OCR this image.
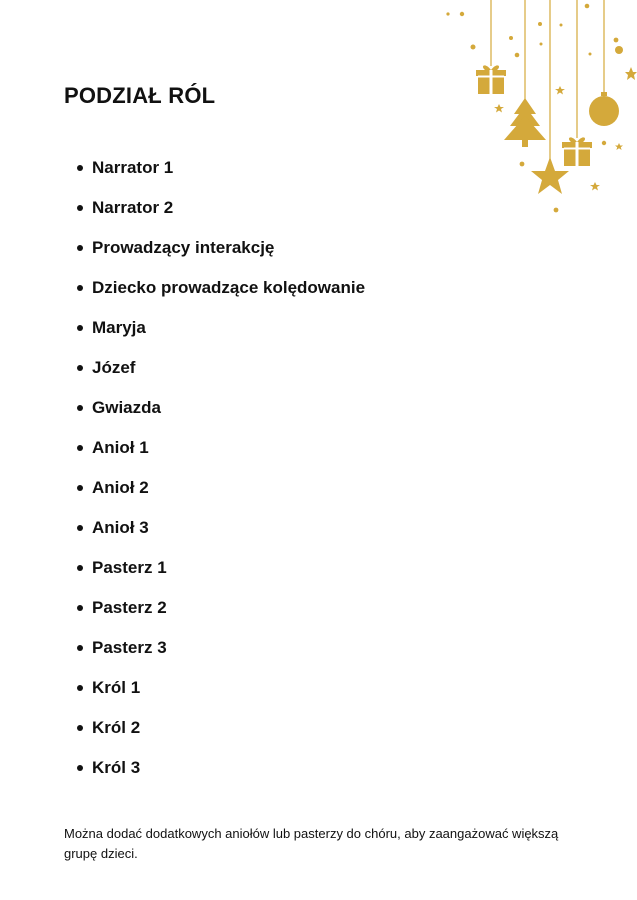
PODZIAŁ RÓL
Narrator 1
Narrator 2
Prowadzący interakcję
Dziecko prowadzące kolędowanie
Maryja
Józef
Gwiazda
Anioł 1
Anioł 2
Anioł 3
Pasterz 1
Pasterz 2
Pasterz 3
Król 1
Król 2
Król 3

Można dodać dodatkowych aniołów lub pasterzy do chóru, aby zaangażować większą grupę dzieci.
